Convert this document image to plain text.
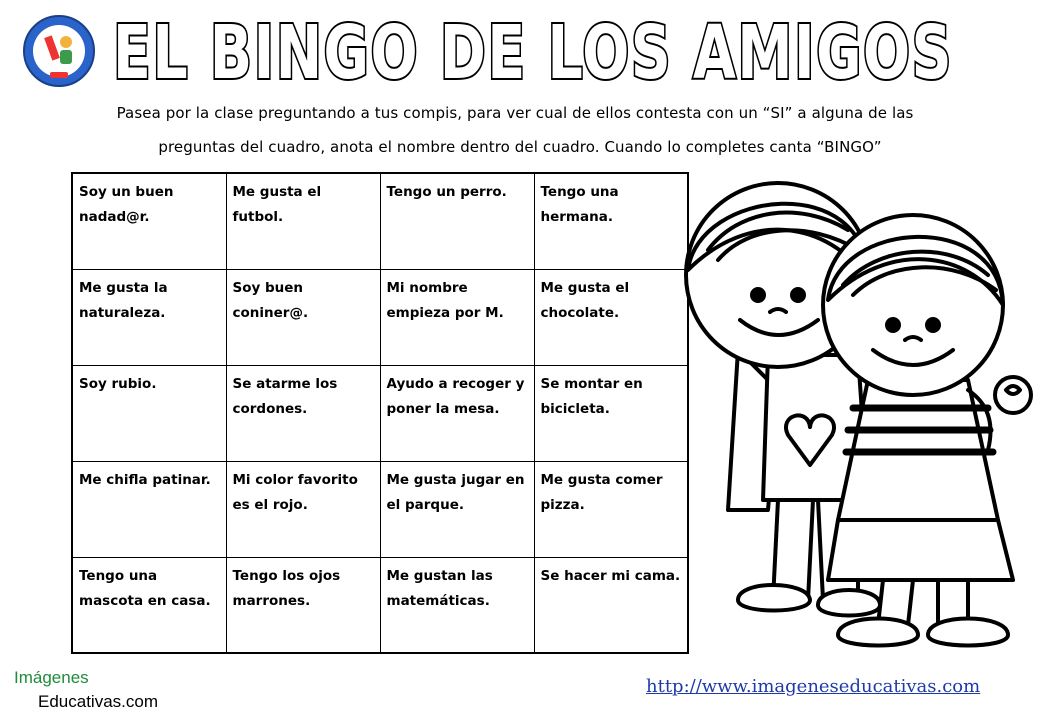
EL BINGO DE LOS AMIGOS
Pasea por la clase preguntando a tus compis, para ver cual de ellos contesta con un “SI” a alguna de las
preguntas del cuadro, anota el nombre dentro del cuadro. Cuando lo completes canta “BINGO”
Soy un buen nadad@r.	Me gusta el futbol.	Tengo un perro.	Tengo una hermana.
Me gusta la naturaleza.	Soy buen coniner@.	Mi nombre empieza por M.	Me gusta el chocolate.
Soy rubio.	Se atarme los cordones.	Ayudo a recoger y poner la mesa.	Se montar en bicicleta.
Me chifla patinar.	Mi color favorito es el rojo.	Me gusta jugar en el parque.	Me gusta comer pizza.
Tengo una mascota en casa.	Tengo los ojos marrones.	Me gustan las matemáticas.	Se hacer mi cama.
Imágenes
Educativas.com
http://www.imageneseducativas.com
